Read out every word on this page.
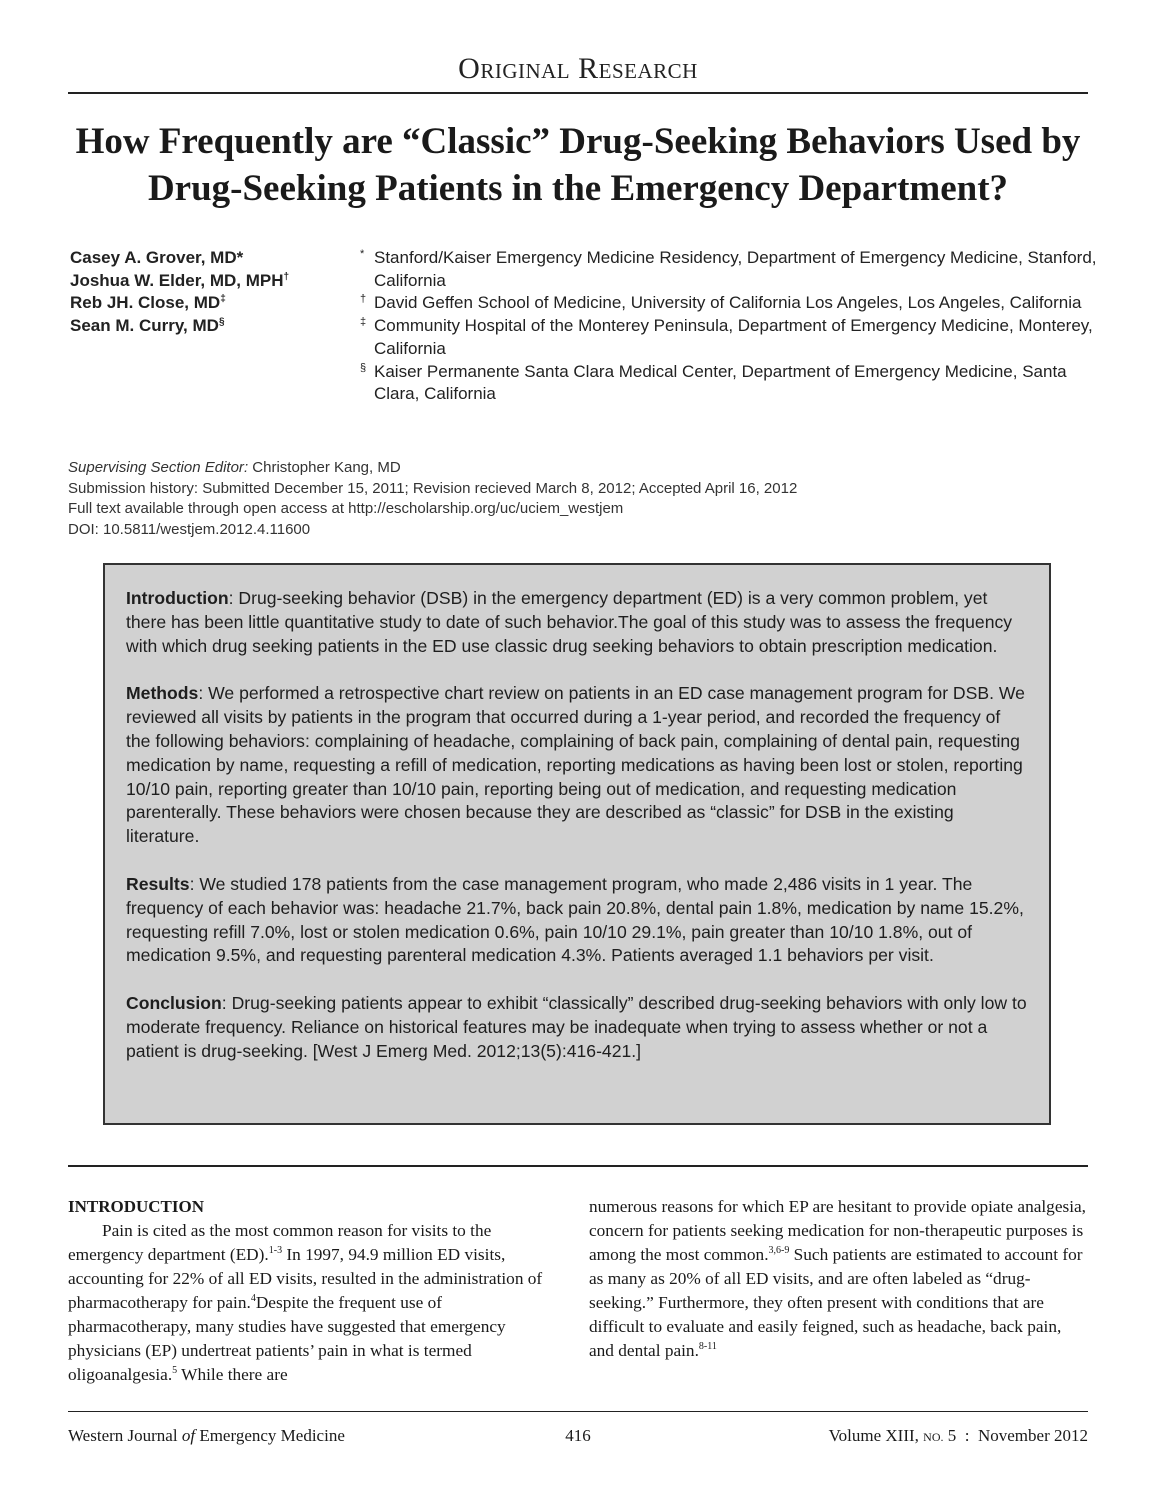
Original Research
How Frequently are “Classic” Drug-Seeking Behaviors Used by Drug-Seeking Patients in the Emergency Department?
Casey A. Grover, MD*
Joshua W. Elder, MD, MPH†
Reb JH. Close, MD‡
Sean M. Curry, MD§
* Stanford/Kaiser Emergency Medicine Residency, Department of Emergency Medicine, Stanford, California
† David Geffen School of Medicine, University of California Los Angeles, Los Angeles, California
‡ Community Hospital of the Monterey Peninsula, Department of Emergency Medicine, Monterey, California
§ Kaiser Permanente Santa Clara Medical Center, Department of Emergency Medicine, Santa Clara, California
Supervising Section Editor: Christopher Kang, MD
Submission history: Submitted December 15, 2011; Revision recieved March 8, 2012; Accepted April 16, 2012
Full text available through open access at http://escholarship.org/uc/uciem_westjem
DOI: 10.5811/westjem.2012.4.11600

Introduction: Drug-seeking behavior (DSB) in the emergency department (ED) is a very common problem, yet there has been little quantitative study to date of such behavior.The goal of this study was to assess the frequency with which drug seeking patients in the ED use classic drug seeking behaviors to obtain prescription medication.

Methods: We performed a retrospective chart review on patients in an ED case management program for DSB. We reviewed all visits by patients in the program that occurred during a 1-year period, and recorded the frequency of the following behaviors: complaining of headache, complaining of back pain, complaining of dental pain, requesting medication by name, requesting a refill of medication, reporting medications as having been lost or stolen, reporting 10/10 pain, reporting greater than 10/10 pain, reporting being out of medication, and requesting medication parenterally. These behaviors were chosen because they are described as “classic” for DSB in the existing literature.

Results: We studied 178 patients from the case management program, who made 2,486 visits in 1 year. The frequency of each behavior was: headache 21.7%, back pain 20.8%, dental pain 1.8%, medication by name 15.2%, requesting refill 7.0%, lost or stolen medication 0.6%, pain 10/10 29.1%, pain greater than 10/10 1.8%, out of medication 9.5%, and requesting parenteral medication 4.3%. Patients averaged 1.1 behaviors per visit.

Conclusion: Drug-seeking patients appear to exhibit “classically” described drug-seeking behaviors with only low to moderate frequency. Reliance on historical features may be inadequate when trying to assess whether or not a patient is drug-seeking. [West J Emerg Med. 2012;13(5):416-421.]

INTRODUCTION

Pain is cited as the most common reason for visits to the emergency department (ED).$^{1-3}$ In 1997, 94.9 million ED visits, accounting for 22% of all ED visits, resulted in the administration of pharmacotherapy for pain.$^4$Despite the frequent use of pharmacotherapy, many studies have suggested that emergency physicians (EP) undertreat patients’ pain in what is termed oligoanalgesia.$^5$ While there are

numerous reasons for which EP are hesitant to provide opiate analgesia, concern for patients seeking medication for non-therapeutic purposes is among the most common.$^{3,6-9}$ Such patients are estimated to account for as many as 20% of all ED visits, and are often labeled as “drug-seeking.” Furthermore, they often present with conditions that are difficult to evaluate and easily feigned, such as headache, back pain, and dental pain.$^{8-11}$

Western Journal of Emergency Medicine	416	Volume XIII, NO. 5  :  November 2012
